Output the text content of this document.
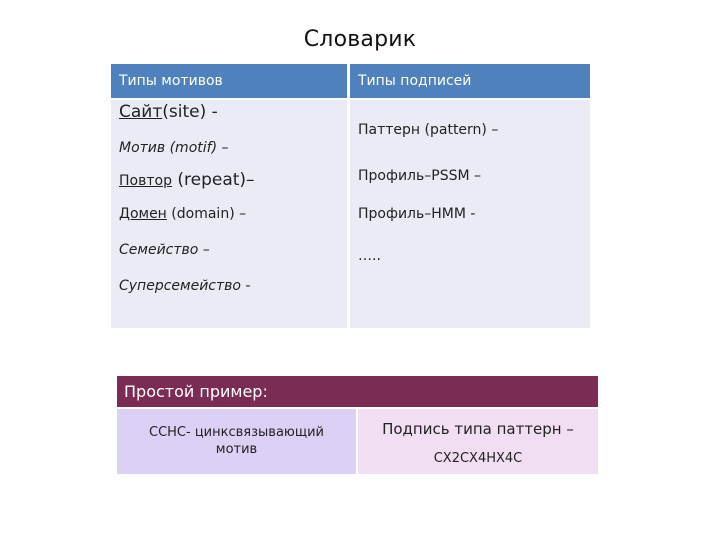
Словарик
Типы мотивов	Типы подписей
Сайт(site) -
Мотив (motif) –
Повтор (repeat)–
Домен (domain) –
Семейство –
Суперсемейство -
Паттерн (pattern) –
Профиль–PSSM –
Профиль–HMM -
…..
Простой пример:
CCHC- цинксвязывающий
мотив
Подпись типа паттерн –
CX2CX4HX4C
